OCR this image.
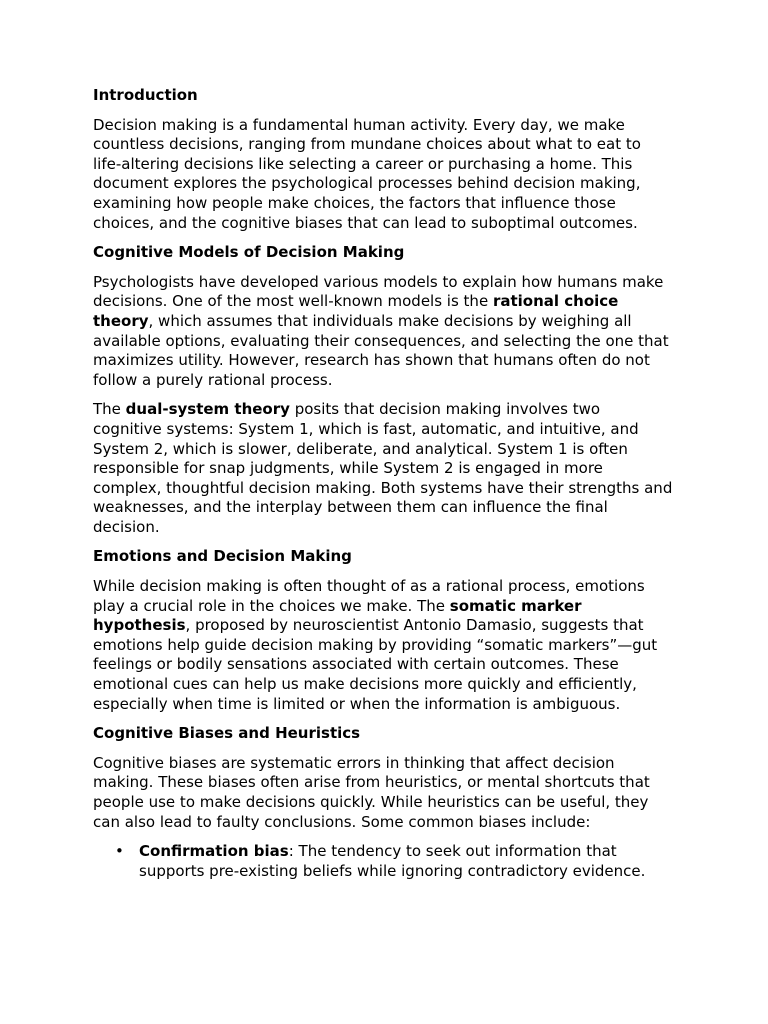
Introduction

Decision making is a fundamental human activity. Every day, we make countless decisions, ranging from mundane choices about what to eat to life-altering decisions like selecting a career or purchasing a home. This document explores the psychological processes behind decision making, examining how people make choices, the factors that influence those choices, and the cognitive biases that can lead to suboptimal outcomes.

Cognitive Models of Decision Making

Psychologists have developed various models to explain how humans make decisions. One of the most well-known models is the rational choice theory, which assumes that individuals make decisions by weighing all available options, evaluating their consequences, and selecting the one that maximizes utility. However, research has shown that humans often do not follow a purely rational process.

The dual-system theory posits that decision making involves two cognitive systems: System 1, which is fast, automatic, and intuitive, and System 2, which is slower, deliberate, and analytical. System 1 is often responsible for snap judgments, while System 2 is engaged in more complex, thoughtful decision making. Both systems have their strengths and weaknesses, and the interplay between them can influence the final decision.

Emotions and Decision Making

While decision making is often thought of as a rational process, emotions play a crucial role in the choices we make. The somatic marker hypothesis, proposed by neuroscientist Antonio Damasio, suggests that emotions help guide decision making by providing “somatic markers”—gut feelings or bodily sensations associated with certain outcomes. These emotional cues can help us make decisions more quickly and efficiently, especially when time is limited or when the information is ambiguous.

Cognitive Biases and Heuristics

Cognitive biases are systematic errors in thinking that affect decision making. These biases often arise from heuristics, or mental shortcuts that people use to make decisions quickly. While heuristics can be useful, they can also lead to faulty conclusions. Some common biases include:

• Confirmation bias: The tendency to seek out information that supports pre-existing beliefs while ignoring contradictory evidence.
